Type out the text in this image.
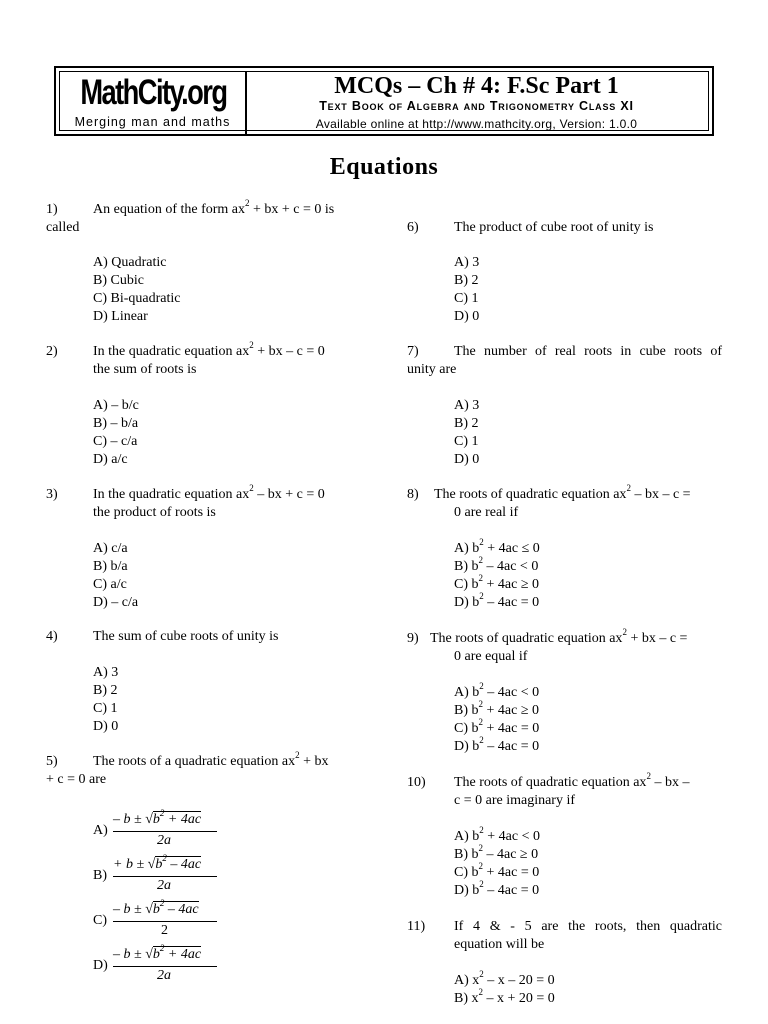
MathCity.org
Merging man and maths
MCQs – Ch # 4: F.Sc Part 1
Text Book of Algebra and Trigonometry Class XI
Available online at http://www.mathcity.org, Version: 1.0.0
Equations
1)	An equation of the form $ax^2$ + bx + c = 0 is
called
A) Quadratic
B) Cubic
C) Bi-quadratic
D) Linear
2)	In the quadratic equation $ax^2$ + bx – c = 0
the sum of roots is
A) – b/c
B) – b/a
C) – c/a
D) a/c
3)	In the quadratic equation $ax^2$ – bx + c = 0
the product of roots is
A) c/a
B) b/a
C) a/c
D) – c/a
4)	The sum of cube roots of unity is
A) 3
B) 2
C) 1
D) 0
5)	The roots of a quadratic equation $ax^2$ + bx
+ c = 0 are
A)
– $b \pm √b^2 + 4ac$
2a
B)
+ $b \pm √b^2 - 4ac$
2a
C)
– $b \pm √b^2 - 4ac$
2
D)
– $b \pm √b^2 + 4ac$
2a
6)	The product of cube root of unity is
A) 3
B) 2
C) 1
D) 0
7)	The number of real roots in cube roots of
unity are
A) 3
B) 2
C) 1
D) 0
8) The roots of quadratic equation $ax^2$ – bx – c =
0 are real if
A) $b^2 + 4ac \le 0$
B) $b^2 - 4ac < 0$
C) $b^2 + 4ac \ge 0$
D) $b^2 - 4ac = 0$
9) The roots of quadratic equation $ax^2$ + bx – c =
0 are equal if
A) $b^2 - 4ac < 0$
B) $b^2 + 4ac \ge 0$
C) $b^2 + 4ac = 0$
D) $b^2 - 4ac = 0$
10) The roots of quadratic equation $ax^2$ – bx –
c = 0 are imaginary if
A) $b^2 + 4ac < 0$
B) $b^2 - 4ac \ge 0$
C) $b^2 + 4ac = 0$
D) $b^2 - 4ac = 0$
11) If 4 & - 5 are the roots, then quadratic
equation will be
A) $x^2 - x - 20 = 0$
B) $x^2 - x + 20 = 0$
